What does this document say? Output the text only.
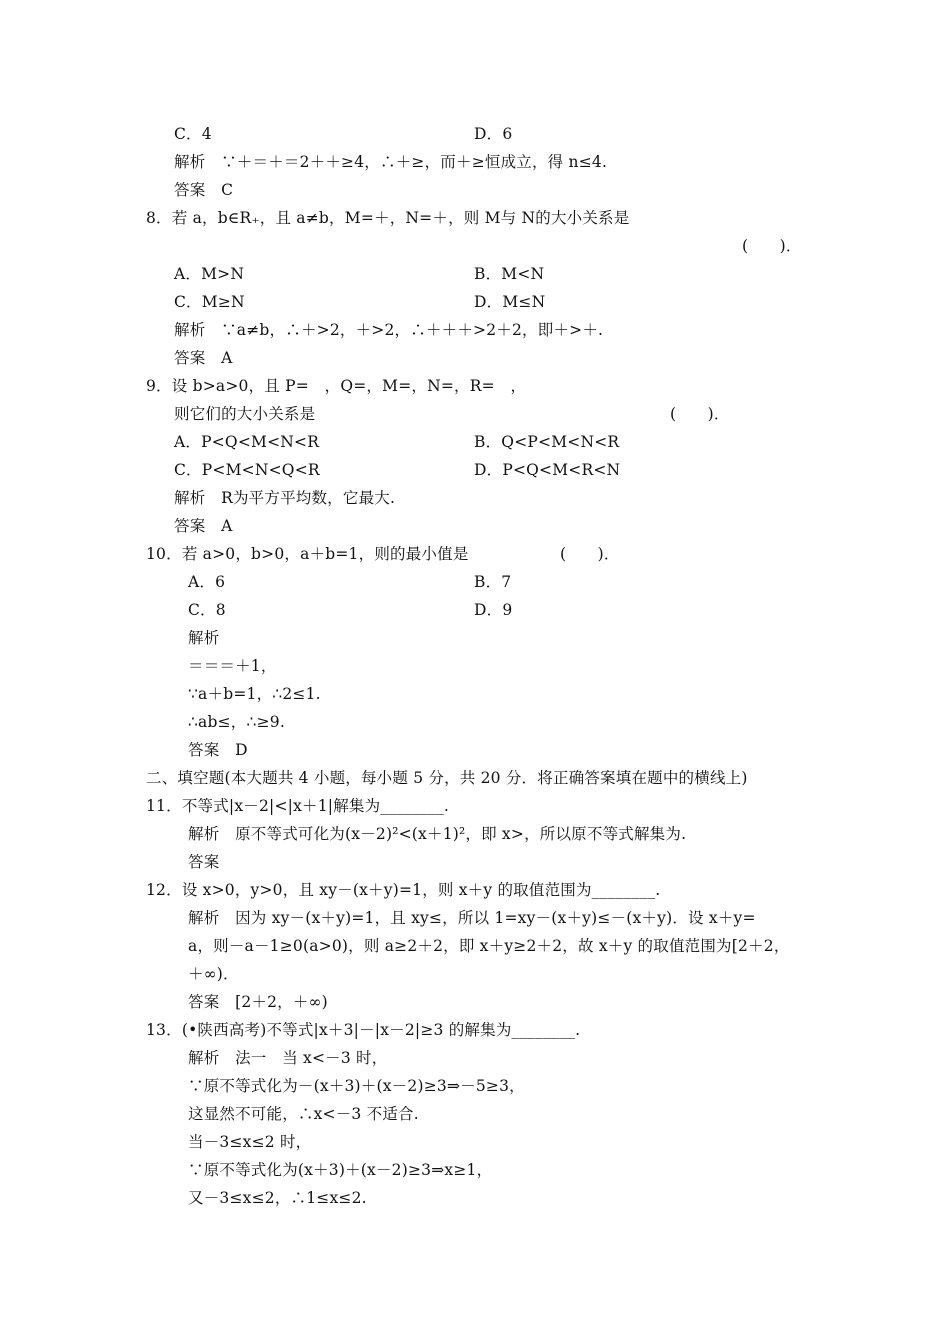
C．4	D．6
解析　∵＋＝＋＝2＋＋≥4，∴＋≥，而＋≥恒成立，得 n≤4.
答案　C
8．若 a，b∈R₊，且 a≠b，M=＋，N=＋，则 M与 N的大小关系是
(　　)．
A．M>N	B．M<N
C．M≥N	D．M≤N
解析　∵a≠b，∴＋>2，＋>2，∴＋＋＋>2＋2，即＋>＋.
答案　A
9．设 b>a>0，且 P=　，Q=，M=，N=，R=　，
则它们的大小关系是	(　　)．
A．P<Q<M<N<R	B．Q<P<M<N<R
C．P<M<N<Q<R	D．P<Q<M<R<N
解析　R为平方平均数，它最大.
答案　A
10．若 a>0，b>0，a＋b=1，则的最小值是	(　　)．
A．6	B．7
C．8	D．9
解析
＝＝＝＋1，
∵a＋b=1，∴2≤1.
∴ab≤，∴≥9.
答案　D
二、填空题(本大题共 4 小题，每小题 5 分，共 20 分．将正确答案填在题中的横线上)
11．不等式|x－2|<|x＋1|解集为________.
解析　原不等式可化为(x－2)²<(x＋1)²，即 x>，所以原不等式解集为.
答案
12．设 x>0，y>0，且 xy－(x＋y)=1，则 x＋y 的取值范围为________.
解析　因为 xy－(x＋y)=1，且 xy≤，所以 1=xy－(x＋y)≤－(x＋y)．设 x＋y=
a，则－a－1≥0(a>0)，则 a≥2＋2，即 x＋y≥2＋2，故 x＋y 的取值范围为[2＋2，
＋∞)．
答案　[2＋2，＋∞)
13．(•陕西高考)不等式|x＋3|－|x－2|≥3 的解集为________.
解析　法一　当 x<－3 时，
∵原不等式化为－(x＋3)＋(x－2)≥3⇒－5≥3，
这显然不可能，∴x<－3 不适合.
当－3≤x≤2 时，
∵原不等式化为(x＋3)＋(x－2)≥3⇒x≥1，
又－3≤x≤2，∴1≤x≤2.
